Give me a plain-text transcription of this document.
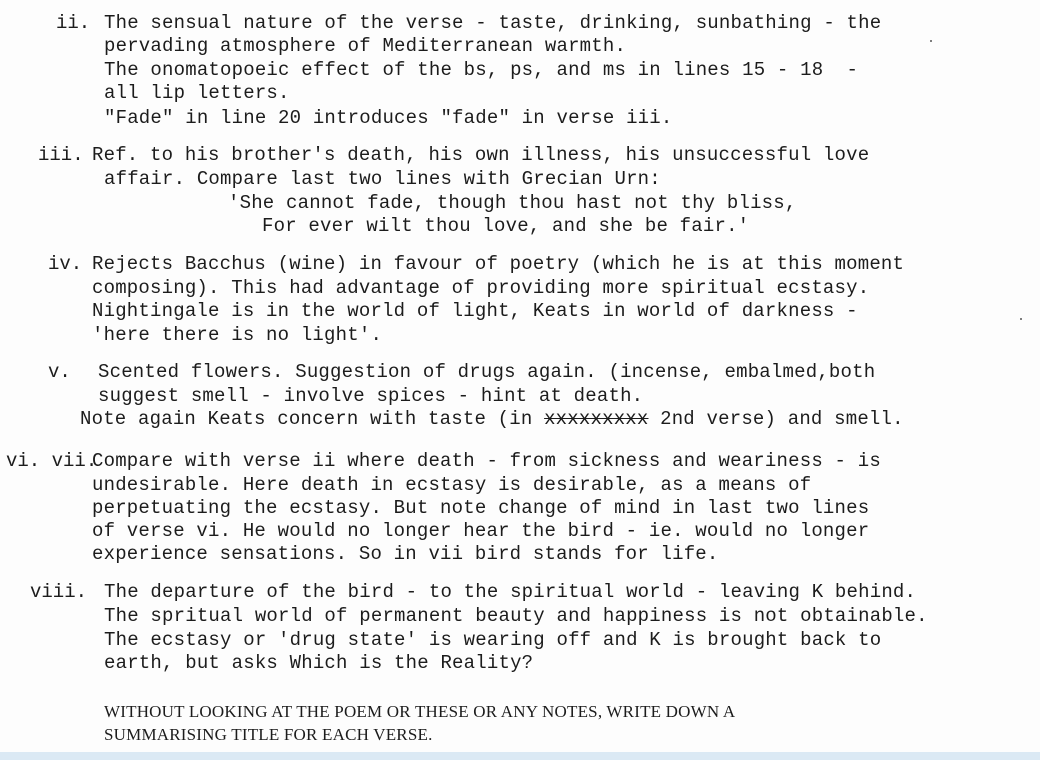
ii. The sensual nature of the verse - taste, drinking, sunbathing - the
pervading atmosphere of Mediterranean warmth.
The onomatopoeic effect of the bs, ps, and ms in lines 15 - 18  -
all lip letters.
"Fade" in line 20 introduces "fade" in verse iii.
iii. Ref. to his brother's death, his own illness, his unsuccessful love
affair. Compare last two lines with Grecian Urn:
'She cannot fade, though thou hast not thy bliss,
For ever wilt thou love, and she be fair.'
iv. Rejects Bacchus (wine) in favour of poetry (which he is at this moment
composing). This had advantage of providing more spiritual ecstasy.
Nightingale is in the world of light, Keats in world of darkness -
'here there is no light'.
v. Scented flowers. Suggestion of drugs again. (incense, embalmed,both
suggest smell - involve spices - hint at death.
Note again Keats concern with taste (in xxxxxxxxx 2nd verse) and smell.
vi. vii.
Compare with verse ii where death - from sickness and weariness - is
undesirable. Here death in ecstasy is desirable, as a means of
perpetuating the ecstasy. But note change of mind in last two lines
of verse vi. He would no longer hear the bird - ie. would no longer
experience sensations. So in vii bird stands for life.
viii. The departure of the bird - to the spiritual world - leaving K behind.
The spritual world of permanent beauty and happiness is not obtainable.
The ecstasy or 'drug state' is wearing off and K is brought back to
earth, but asks Which is the Reality?
WITHOUT LOOKING AT THE POEM OR THESE OR ANY NOTES, WRITE DOWN A
SUMMARISING TITLE FOR EACH VERSE.
